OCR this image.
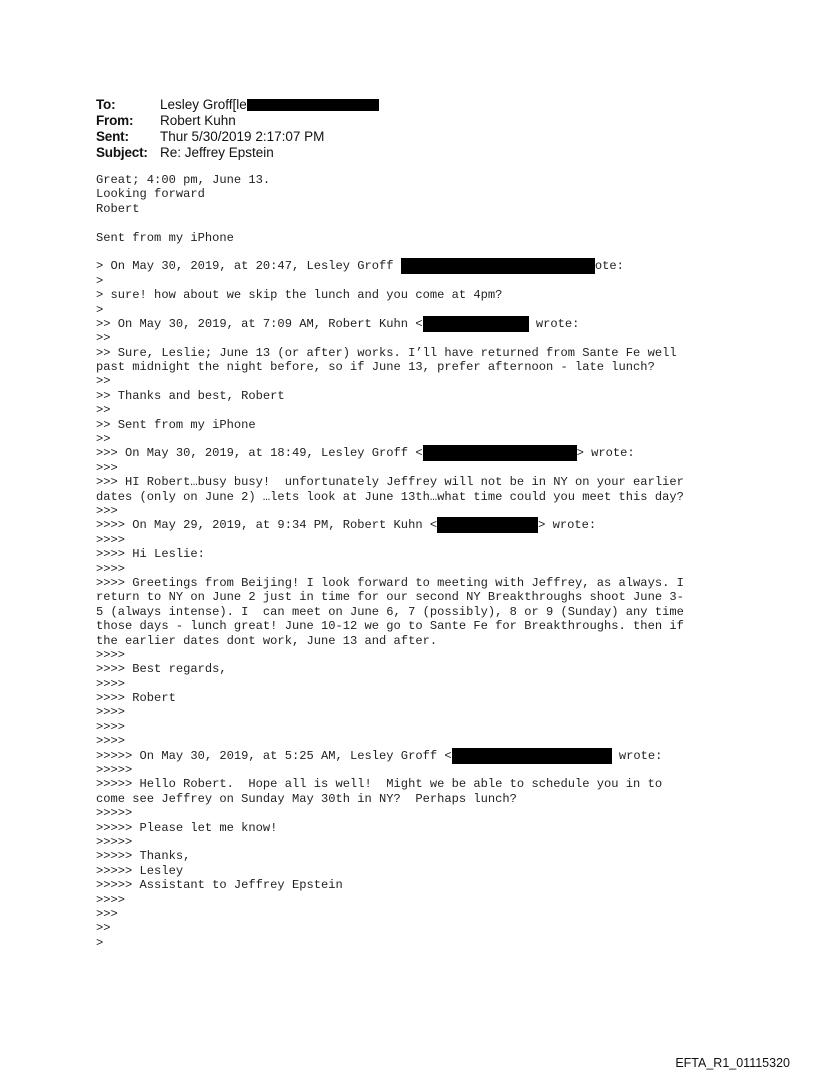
To:	Lesley Groff[le
From: Robert Kuhn
Sent: Thur 5/30/2019 2:17:07 PM
Subject: Re: Jeffrey Epstein
Great; 4:00 pm, June 13.
Looking forward
Robert
Sent from my iPhone
> On May 30, 2019, at 20:47, Lesley Groff	ote:
>
> sure! how about we skip the lunch and you come at 4pm?
>
>> On May 30, 2019, at 7:09 AM, Robert Kuhn <	wrote:
>>
>> Sure, Leslie; June 13 (or after) works. I’ll have returned from Sante Fe well
past midnight the night before, so if June 13, prefer afternoon - late lunch?
>>
>> Thanks and best, Robert
>>
>> Sent from my iPhone
>>
>>> On May 30, 2019, at 18:49, Lesley Groff <	> wrote:
>>>
>>> HI Robert…busy busy!  unfortunately Jeffrey will not be in NY on your earlier
dates (only on June 2) …lets look at June 13th…what time could you meet this day?
>>>
>>>> On May 29, 2019, at 9:34 PM, Robert Kuhn <	> wrote:
>>>>
>>>> Hi Leslie:
>>>>
>>>> Greetings from Beijing! I look forward to meeting with Jeffrey, as always. I
return to NY on June 2 just in time for our second NY Breakthroughs shoot June 3-
5 (always intense). I  can meet on June 6, 7 (possibly), 8 or 9 (Sunday) any time
those days - lunch great! June 10-12 we go to Sante Fe for Breakthroughs. then if
the earlier dates dont work, June 13 and after.
>>>>
>>>> Best regards,
>>>>
>>>> Robert
>>>>
>>>>
>>>>
>>>>> On May 30, 2019, at 5:25 AM, Lesley Groff <	wrote:
>>>>>
>>>>> Hello Robert.  Hope all is well!  Might we be able to schedule you in to
come see Jeffrey on Sunday May 30th in NY?  Perhaps lunch?
>>>>>
>>>>> Please let me know!
>>>>>
>>>>> Thanks,
>>>>> Lesley
>>>>> Assistant to Jeffrey Epstein
>>>>
>>>
>>
>
EFTA_R1_01115320
